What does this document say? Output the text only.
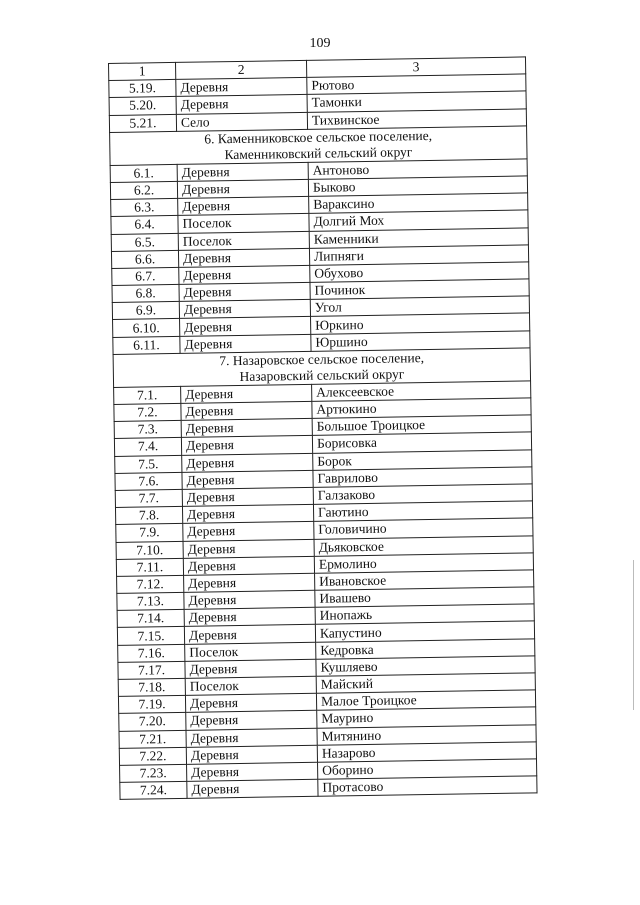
109
1	2	3
5.19.	Деревня	Рютово
5.20.	Деревня	Тамонки
5.21.	Село	Тихвинское

6. Каменниковское сельское поселение,
Каменниковский сельский округ		

6.1.	Деревня	Антоново
6.2.	Деревня	Быково
6.3.	Деревня	Вараксино
6.4.	Поселок	Долгий Мох
6.5.	Поселок	Каменники
6.6.	Деревня	Липняги
6.7.	Деревня	Обухово
6.8.	Деревня	Починок
6.9.	Деревня	Угол
6.10.	Деревня	Юркино
6.11.	Деревня	Юршино

7. Назаровское сельское поселение,
Назаровский сельский округ		

7.1.	Деревня	Алексеевское
7.2.	Деревня	Артюкино
7.3.	Деревня	Большое Троицкое
7.4.	Деревня	Борисовка
7.5.	Деревня	Борок
7.6.	Деревня	Гаврилово
7.7.	Деревня	Галзаково
7.8.	Деревня	Гаютино
7.9.	Деревня	Головичино
7.10.	Деревня	Дьяковское
7.11.	Деревня	Ермолино
7.12.	Деревня	Ивановское
7.13.	Деревня	Ивашево
7.14.	Деревня	Инопажь
7.15.	Деревня	Капустино
7.16.	Поселок	Кедровка
7.17.	Деревня	Кушляево
7.18.	Поселок	Майский
7.19.	Деревня	Малое Троицкое
7.20.	Деревня	Маурино
7.21.	Деревня	Митянино
7.22.	Деревня	Назарово
7.23.	Деревня	Оборино
7.24.	Деревня	Протасово
